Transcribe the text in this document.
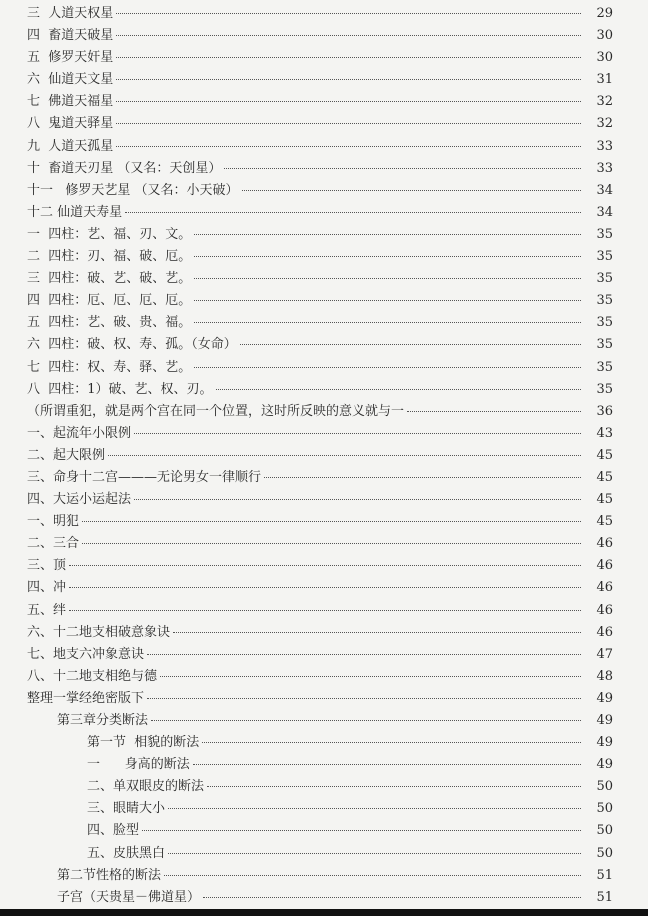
三  人道天权星	29
四  畜道天破星	30
五  修罗天奸星	30
六  仙道天文星	31
七  佛道天福星	32
八  鬼道天驿星	32
九  人道天孤星	33
十  畜道天刃星 （又名：天创星）	33
十一   修罗天艺星 （又名：小天破）	34
十二 仙道天寿星	34
一  四柱：艺、福、刃、文。	35
二  四柱：刃、福、破、厄。	35
三  四柱：破、艺、破、艺。	35
四  四柱：厄、厄、厄、厄。	35
五  四柱：艺、破、贵、福。	35
六  四柱：破、权、寿、孤。（女命）	35
七  四柱：权、寿、驿、艺。	35
八  四柱：1）破、艺、权、刃。	35
（所谓重犯，就是两个宫在同一个位置，这时所反映的意义就与一	36
一、起流年小限例	43
二、起大限例	45
三、命身十二宫———无论男女一律顺行	45
四、大运小运起法	45
一、明犯	45
二、三合	46
三、顶	46
四、冲	46
五、绊	46
六、十二地支相破意象诀	46
七、地支六冲象意诀	47
八、十二地支相绝与德	48
整理一掌经绝密版下	49
第三章分类断法	49
第一节  相貌的断法	49
一      身高的断法	49
二、单双眼皮的断法	50
三、眼睛大小	50
四、脸型	50
五、皮肤黑白	50
第二节性格的断法	51
子宫（天贵星－佛道星）	51
